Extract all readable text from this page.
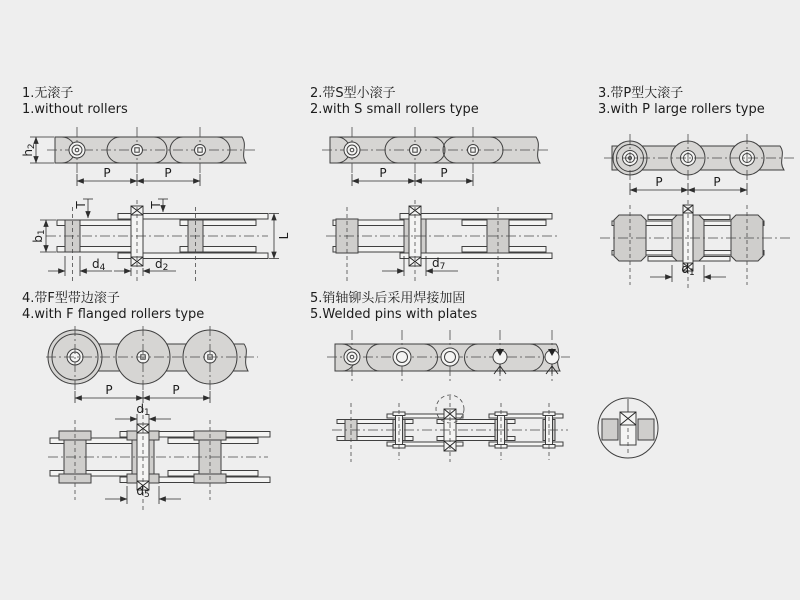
1.无滚子
1.without rollers
2.带S型小滚子
2.with S small rollers type
3.带P型大滚子
3.with P large rollers type
4.带F型带边滚子
4.with F flanged rollers type
5.销轴铆头后采用焊接加固
5.Welded pins with plates
h2
P	P
b1
T	T
d4	d2
L
P	P
d7
P	P
d1
P	P
d1
d5
